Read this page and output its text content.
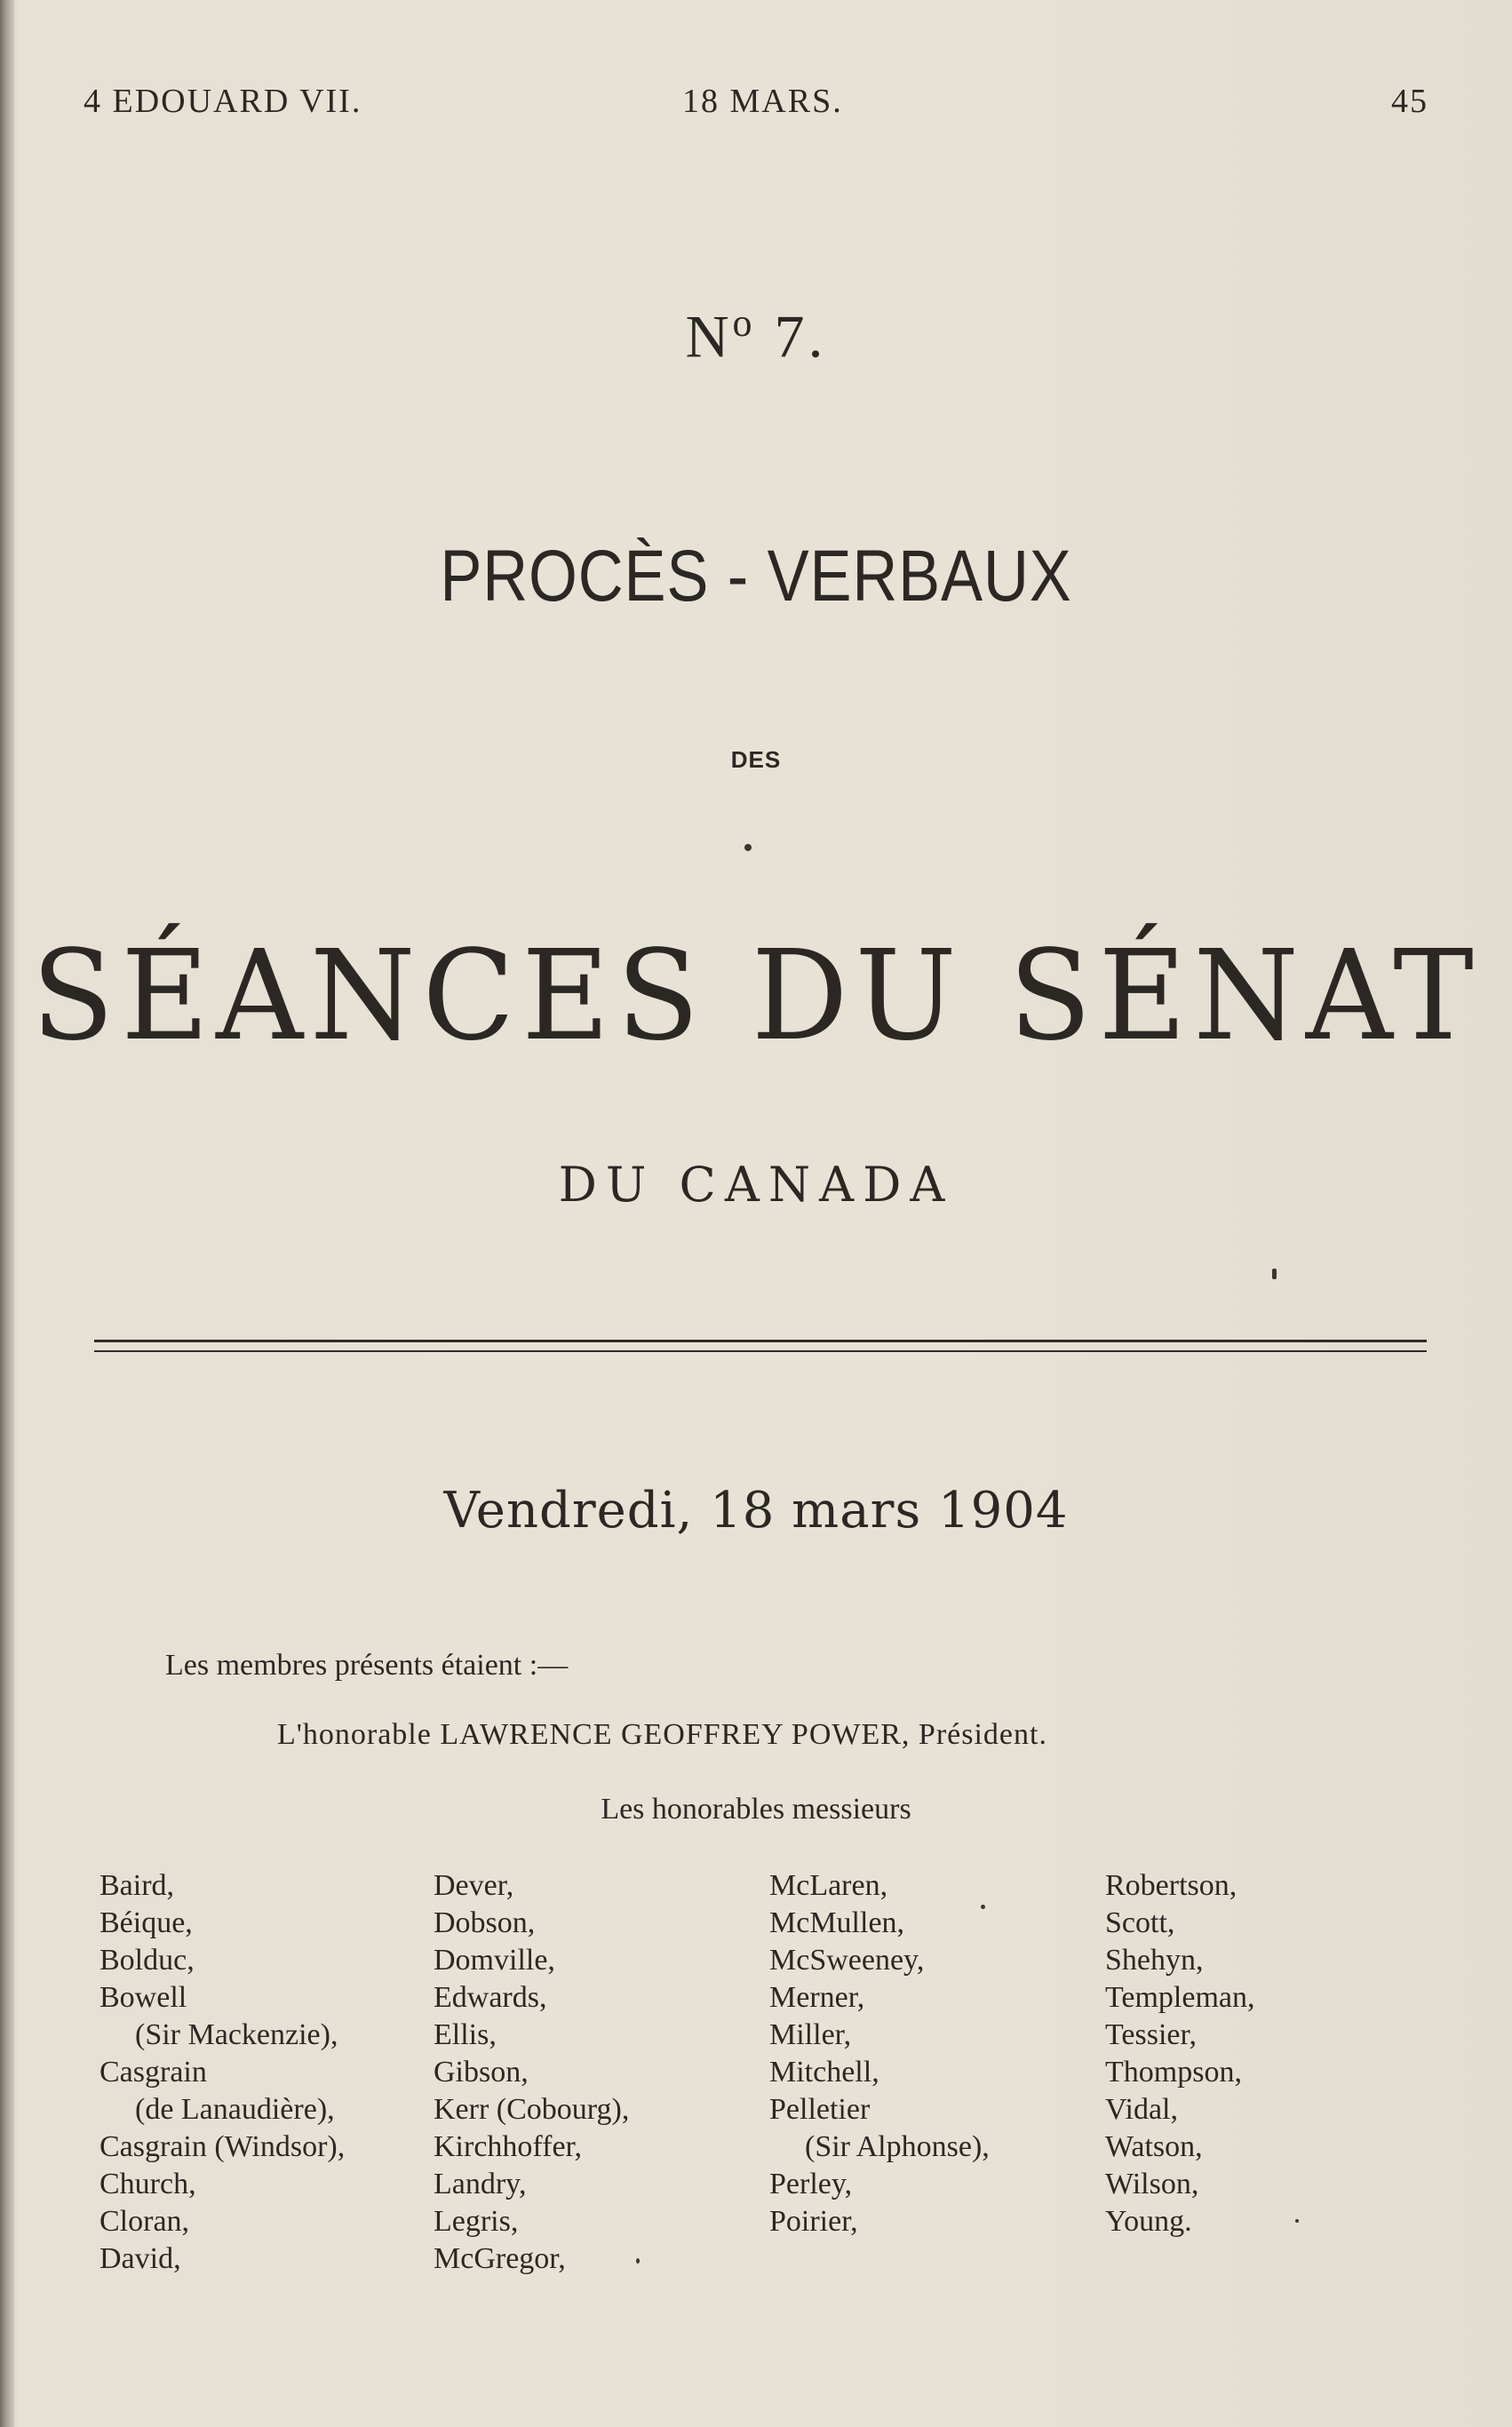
4 EDOUARD VII.	18 MARS.	45
$N^o$ 7.
PROCÈS - VERBAUX
DES
SÉANCES DU SÉNAT
DU CANADA
Vendredi, 18 mars 1904
Les membres présents étaient :—
L'honorable LAWRENCE GEOFFREY POWER, Président.
Les honorables messieurs
Baird,
Béique,
Bolduc,
Bowell
(Sir Mackenzie),
Casgrain
(de Lanaudière),
Casgrain (Windsor),
Church,
Cloran,
David,
Dever,
Dobson,
Domville,
Edwards,
Ellis,
Gibson,
Kerr (Cobourg),
Kirchhoffer,
Landry,
Legris,
McGregor,
McLaren,
McMullen,
McSweeney,
Merner,
Miller,
Mitchell,
Pelletier
(Sir Alphonse),
Perley,
Poirier,
Robertson,
Scott,
Shehyn,
Templeman,
Tessier,
Thompson,
Vidal,
Watson,
Wilson,
Young.
